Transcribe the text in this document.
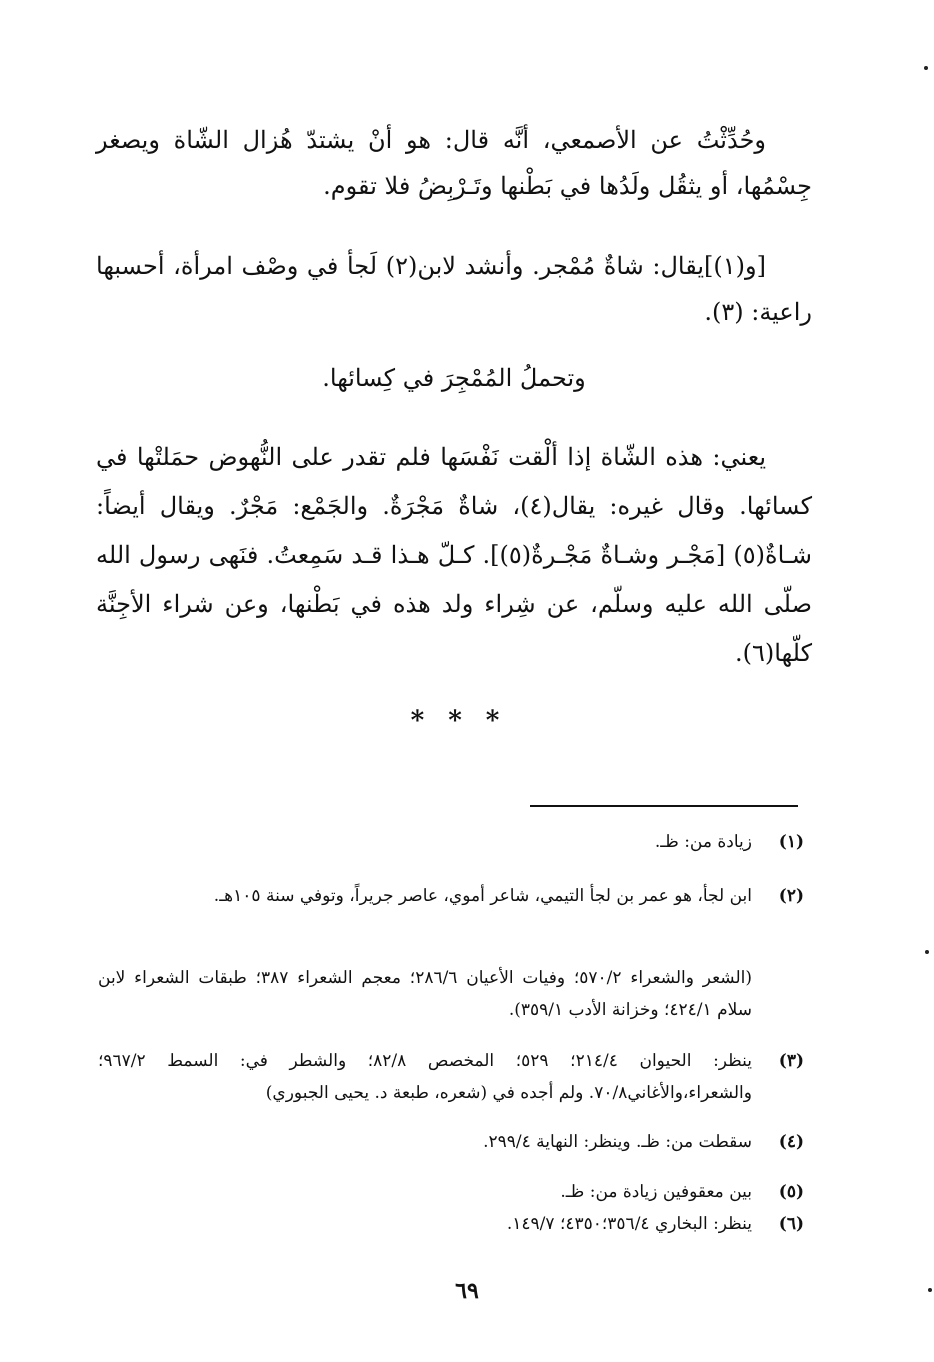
وحُدِّثْتُ عن الأصمعي، أنَّه قال: هو أنْ يشتدّ هُزال الشّاة ويصغر جِسْمُها، أو يثقُل ولَدُها في بَطْنها وتَـرْبِضُ فلا تقوم.

[و(١)]يقال: شاةٌ مُمْجر. وأنشد لابن(٢) لَجأ في وصْف امرأة، أحسبها راعية: (٣).

وتحملُ المُمْجِرَ في كِسائها.

يعني: هذه الشّاة إذا ألْقت نَفْسَها فلم تقدر على النُّهوض حمَلتْها في كسائها. وقال غيره: يقال(٤)، شاةٌ مَجْرَةٌ. والجَمْع: مَجْرٌ. ويقال أيضاً: شـاةٌ(٥) [مَجْـر وشـاةٌ مَجْـرةٌ(٥)]. كـلّ هـذا قـد سَمِعتُ. فنَهى رسول الله صلّى الله عليه وسلّم، عن شِراء ولد هذه في بَطْنها، وعن شراء الأجِنَّة كلّها(٦).

***
(١)
زيادة من: ظـ.
(٢)
ابن لجأ، هو عمر بن لجأ التيمي، شاعر أموي، عاصر جريراً، وتوفي سنة ١٠٥هـ.
(الشعر والشعراء ٥٧٠/٢؛ وفيات الأعيان ٢٨٦/٦؛ معجم الشعراء ٣٨٧؛ طبقات الشعراء لابن سلام ٤٢٤/١؛ وخزانة الأدب ٣٥٩/١).
(٣)
ينظر: الحيوان ٢١٤/٤؛ ٥٢٩؛ المخصص ٨٢/٨؛ والشطر في: السمط ٩٦٧/٢؛والشعراء،والأغاني٧٠/٨. ولم أجده في (شعره، طبعة د. يحيى الجبوري)
(٤)
سقطت من: ظـ. وينظر: النهاية ٢٩٩/٤.
(٥)
بين معقوفين زيادة من: ظـ.
(٦)
ينظر: البخاري ٣٥٦/٤؛٤٣٥٠؛ ١٤٩/٧.
٦٩
